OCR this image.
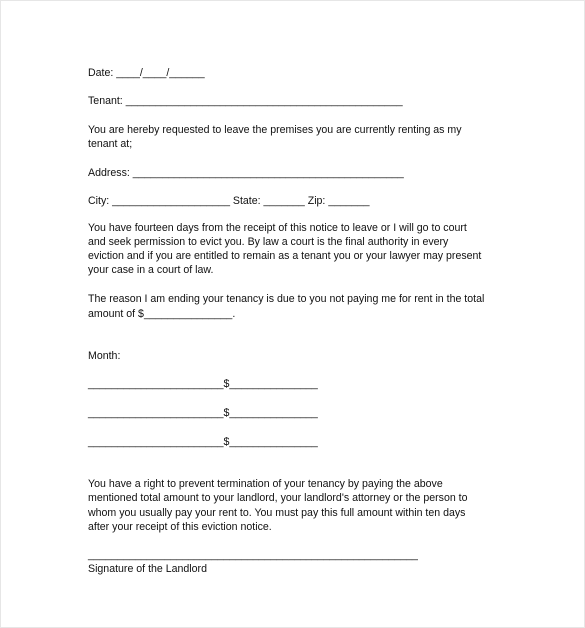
Date: ____/____/______
Tenant: _______________________________________________
You are hereby requested to leave the premises you are currently renting as my
tenant at;
Address: ______________________________________________
City: ____________________ State: _______ Zip: _______
You have fourteen days from the receipt of this notice to leave or I will go to court
and seek permission to evict you. By law a court is the final authority in every
eviction and if you are entitled to remain as a tenant you or your lawyer may present
your case in a court of law.
The reason I am ending your tenancy is due to you not paying me for rent in the total
amount of $_______________.
Month:
_______________________$_______________
_______________________$_______________
_______________________$_______________
You have a right to prevent termination of your tenancy by paying the above
mentioned total amount to your landlord, your landlord's attorney or the person to
whom you usually pay your rent to. You must pay this full amount within ten days
after your receipt of this eviction notice.
________________________________________________________
Signature of the Landlord
